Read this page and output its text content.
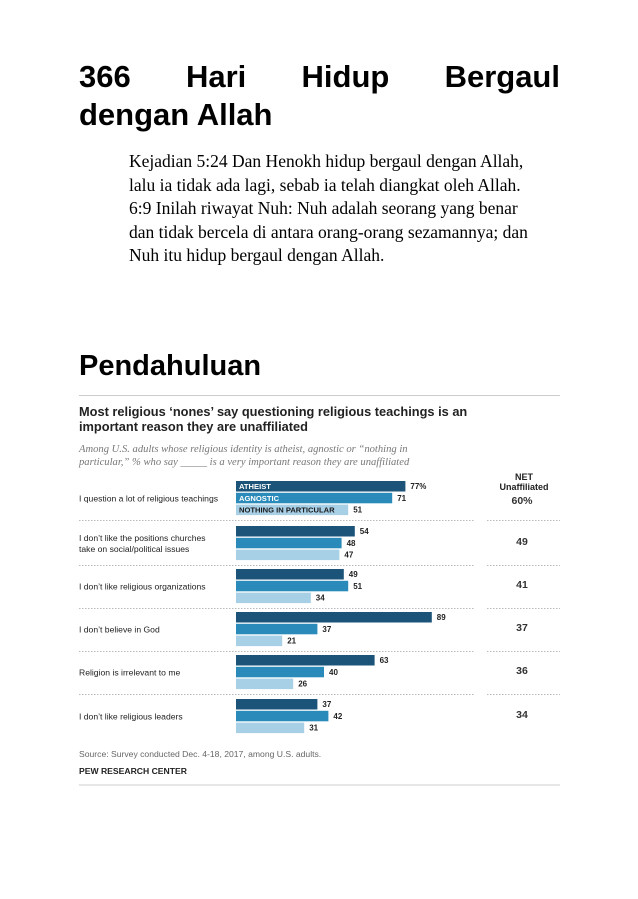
366 Hari Hidup Bergaul
dengan Allah

Kejadian 5:24 Dan Henokh hidup bergaul dengan Allah, lalu ia tidak ada lagi, sebab ia telah diangkat oleh Allah.

6:9 Inilah riwayat Nuh: Nuh adalah seorang yang benar dan tidak bercela di antara orang-orang sezamannya; dan Nuh itu hidup bergaul dengan Allah.

Pendahuluan
Most religious ‘nones’ say questioning religious teachings is an
important reason they are unaffiliated
Among U.S. adults whose religious identity is atheist, agnostic or “nothing in
particular,” % who say _____ is a very important reason they are unaffiliated
NET
Unaffiliated
I question a lot of religious teachings
ATHEIST	77%
AGNOSTIC	71
NOTHING IN PARTICULAR 51
60%
I don’t like the positions churches
take on social/political issues
54
48
47
49
I don’t like religious organizations
49
51
34
41
I don’t believe in God
89
37
21
37
Religion is irrelevant to me
63
40
26
36
I don’t like religious leaders
37
42
31
34
Source: Survey conducted Dec. 4-18, 2017, among U.S. adults.
PEW RESEARCH CENTER
